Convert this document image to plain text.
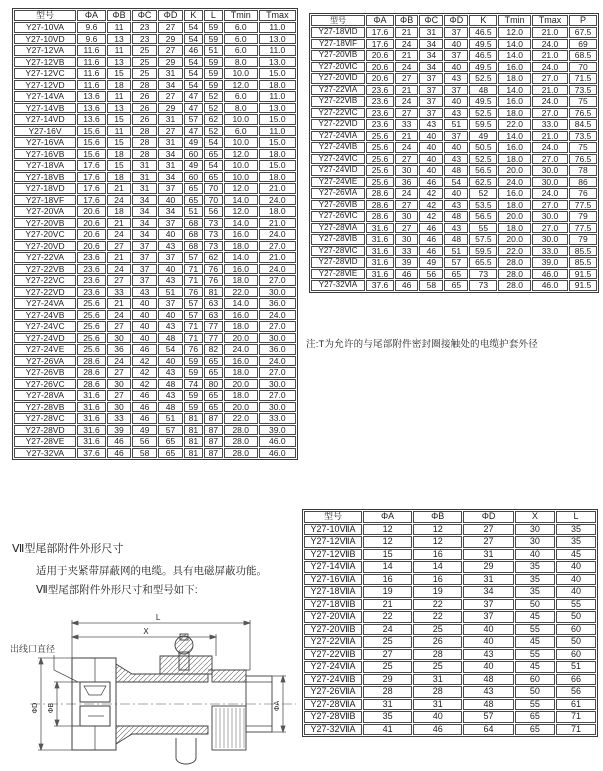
型号	ΦA	ΦB	ΦC	ΦD	K	L	Tmin	Tmax
Y27-10VA	9.6	11	23	27	54	59	6.0	11.0
Y27-10VD	9.6	13	23	29	54	59	6.0	13.0
Y27-12VA	11.6	11	25	27	46	51	6.0	11.0
Y27-12VB	11.6	13	25	29	54	59	8.0	13.0
Y27-12VC	11.6	15	25	31	54	59	10.0	15.0
Y27-12VD	11.6	18	28	34	54	59	12.0	18.0
Y27-14VA	13.6	11	26	27	47	52	6.0	11.0
Y27-14VB	13.6	13	26	29	47	52	8.0	13.0
Y27-14VD	13.6	15	26	31	57	62	10.0	15.0
Y27-16V	15.6	11	28	27	47	52	6.0	11.0
Y27-16VA	15.6	15	28	31	49	54	10.0	15.0
Y27-16VB	15.6	18	28	34	60	65	12.0	18.0
Y27-18VA	17.6	15	31	31	49	54	10.0	15.0
Y27-18VB	17.6	18	31	34	60	65	10.0	18.0
Y27-18VD	17.6	21	31	37	65	70	12.0	21.0
Y27-18VF	17.6	24	34	40	65	70	14.0	24.0
Y27-20VA	20.6	18	34	34	51	56	12.0	18.0
Y27-20VB	20.6	21	34	37	68	73	14.0	21.0
Y27-20VC	20.6	24	34	40	68	73	16.0	24.0
Y27-20VD	20.6	27	37	43	68	73	18.0	27.0
Y27-22VA	23.6	21	37	37	57	62	14.0	21.0
Y27-22VB	23.6	24	37	40	71	76	16.0	24.0
Y27-22VC	23.6	27	37	43	71	76	18.0	27.0
Y27-22VD	23.6	33	43	51	76	81	22.0	30.0
Y27-24VA	25.6	21	40	37	57	63	14.0	36.0
Y27-24VB	25.6	24	40	40	57	63	16.0	24.0
Y27-24VC	25.6	27	40	43	71	77	18.0	27.0
Y27-24VD	25.6	30	40	48	71	77	20.0	30.0
Y27-24VE	25.6	36	46	54	76	82	24.0	36.0
Y27-26VA	28.6	24	42	40	59	65	16.0	24.0
Y27-26VB	28.6	27	42	43	59	65	18.0	27.0
Y27-26VC	28.6	30	42	48	74	80	20.0	30.0
Y27-28VA	31.6	27	46	43	59	65	18.0	27.0
Y27-28VB	31.6	30	46	48	59	65	20.0	30.0
Y27-28VC	31.6	33	46	51	81	87	22.0	33.0
Y27-28VD	31.6	39	49	57	81	87	28.0	39.0
Y27-28VE	31.6	46	56	65	81	87	28.0	46.0
Y27-32VA	37.6	46	58	65	81	87	28.0	46.0
型号	ΦA	ΦB	ΦC	ΦD	K	Tmin	Tmax	P
Y27-18ⅥD	17.6	21	31	37	46.5	12.0	21.0	67.5
Y27-18ⅥF	17.6	24	34	40	49.5	14.0	24.0	69
Y27-20ⅥB	20.6	21	34	37	46.5	14.0	21.0	68.5
Y27-20ⅥC	20.6	24	34	40	49.5	16.0	24.0	70
Y27-20ⅥD	20.6	27	37	43	52.5	18.0	27.0	71.5
Y27-22ⅥA	23.6	21	37	37	48	14.0	21.0	73.5
Y27-22ⅥB	23.6	24	37	40	49.5	16.0	24.0	75
Y27-22ⅥC	23.6	27	37	43	52.5	18.0	27.0	76.5
Y27-22ⅥD	23.6	33	43	51	59.5	22.0	33.0	84.5
Y27-24ⅥA	25.6	21	40	37	49	14.0	21.0	73.5
Y27-24ⅥB	25.6	24	40	40	50.5	16.0	24.0	75
Y27-24ⅥC	25.6	27	40	43	52.5	18.0	27.0	76.5
Y27-24ⅥD	25.6	30	40	48	56.5	20.0	30.0	78
Y27-24ⅥE	25.6	36	46	54	62.5	24.0	30.0	86
Y27-26ⅥA	28.6	24	42	40	52	16.0	24.0	76
Y27-26ⅥB	28.6	27	42	43	53.5	18.0	27.0	77.5
Y27-26ⅥC	28.6	30	42	48	56.5	20.0	30.0	79
Y27-28ⅥA	31.6	27	46	43	55	18.0	27.0	77.5
Y27-28ⅥB	31.6	30	46	48	57.5	20.0	30.0	79
Y27-28ⅥC	31.6	33	46	51	59.5	22.0	33.0	85.5
Y27-28ⅥD	31.6	39	49	57	65.5	28.0	39.0	85.5
Y27-28ⅥE	31.6	46	56	65	73	28.0	46.0	91.5
Y27-32ⅥA	37.6	46	58	65	73	28.0	46.0	91.5
注:T为允许的与尾部附件密封圈接触处的电缆护套外径
型号	ΦA	ΦB	ΦD	X	L
Y27-10ⅦA	12	12	27	30	35
Y27-12ⅦA	12	12	27	30	35
Y27-12ⅦB	15	16	31	40	45
Y27-14ⅦA	14	14	29	35	40
Y27-16ⅦA	16	16	31	35	40
Y27-18ⅦA	19	19	34	35	40
Y27-18ⅦB	21	22	37	50	55
Y27-20ⅦA	22	22	37	45	50
Y27-20ⅦB	24	25	40	55	60
Y27-22ⅦA	25	26	40	45	50
Y27-22ⅦB	27	28	43	55	60
Y27-24ⅦA	25	25	40	45	51
Y27-24ⅦB	29	31	48	60	66
Y27-26ⅦA	28	28	43	50	56
Y27-28ⅦA	31	31	48	55	61
Y27-28ⅦB	35	40	57	65	71
Y27-32ⅦA	41	46	64	65	71
Ⅶ型尾部附件外形尺寸
适用于夹紧带屏蔽网的电缆。具有电磁屏蔽功能。
Ⅶ型尾部附件外形尺寸和型号如下:
L
X
出线口直径
ΦD ΦB	ΦA
